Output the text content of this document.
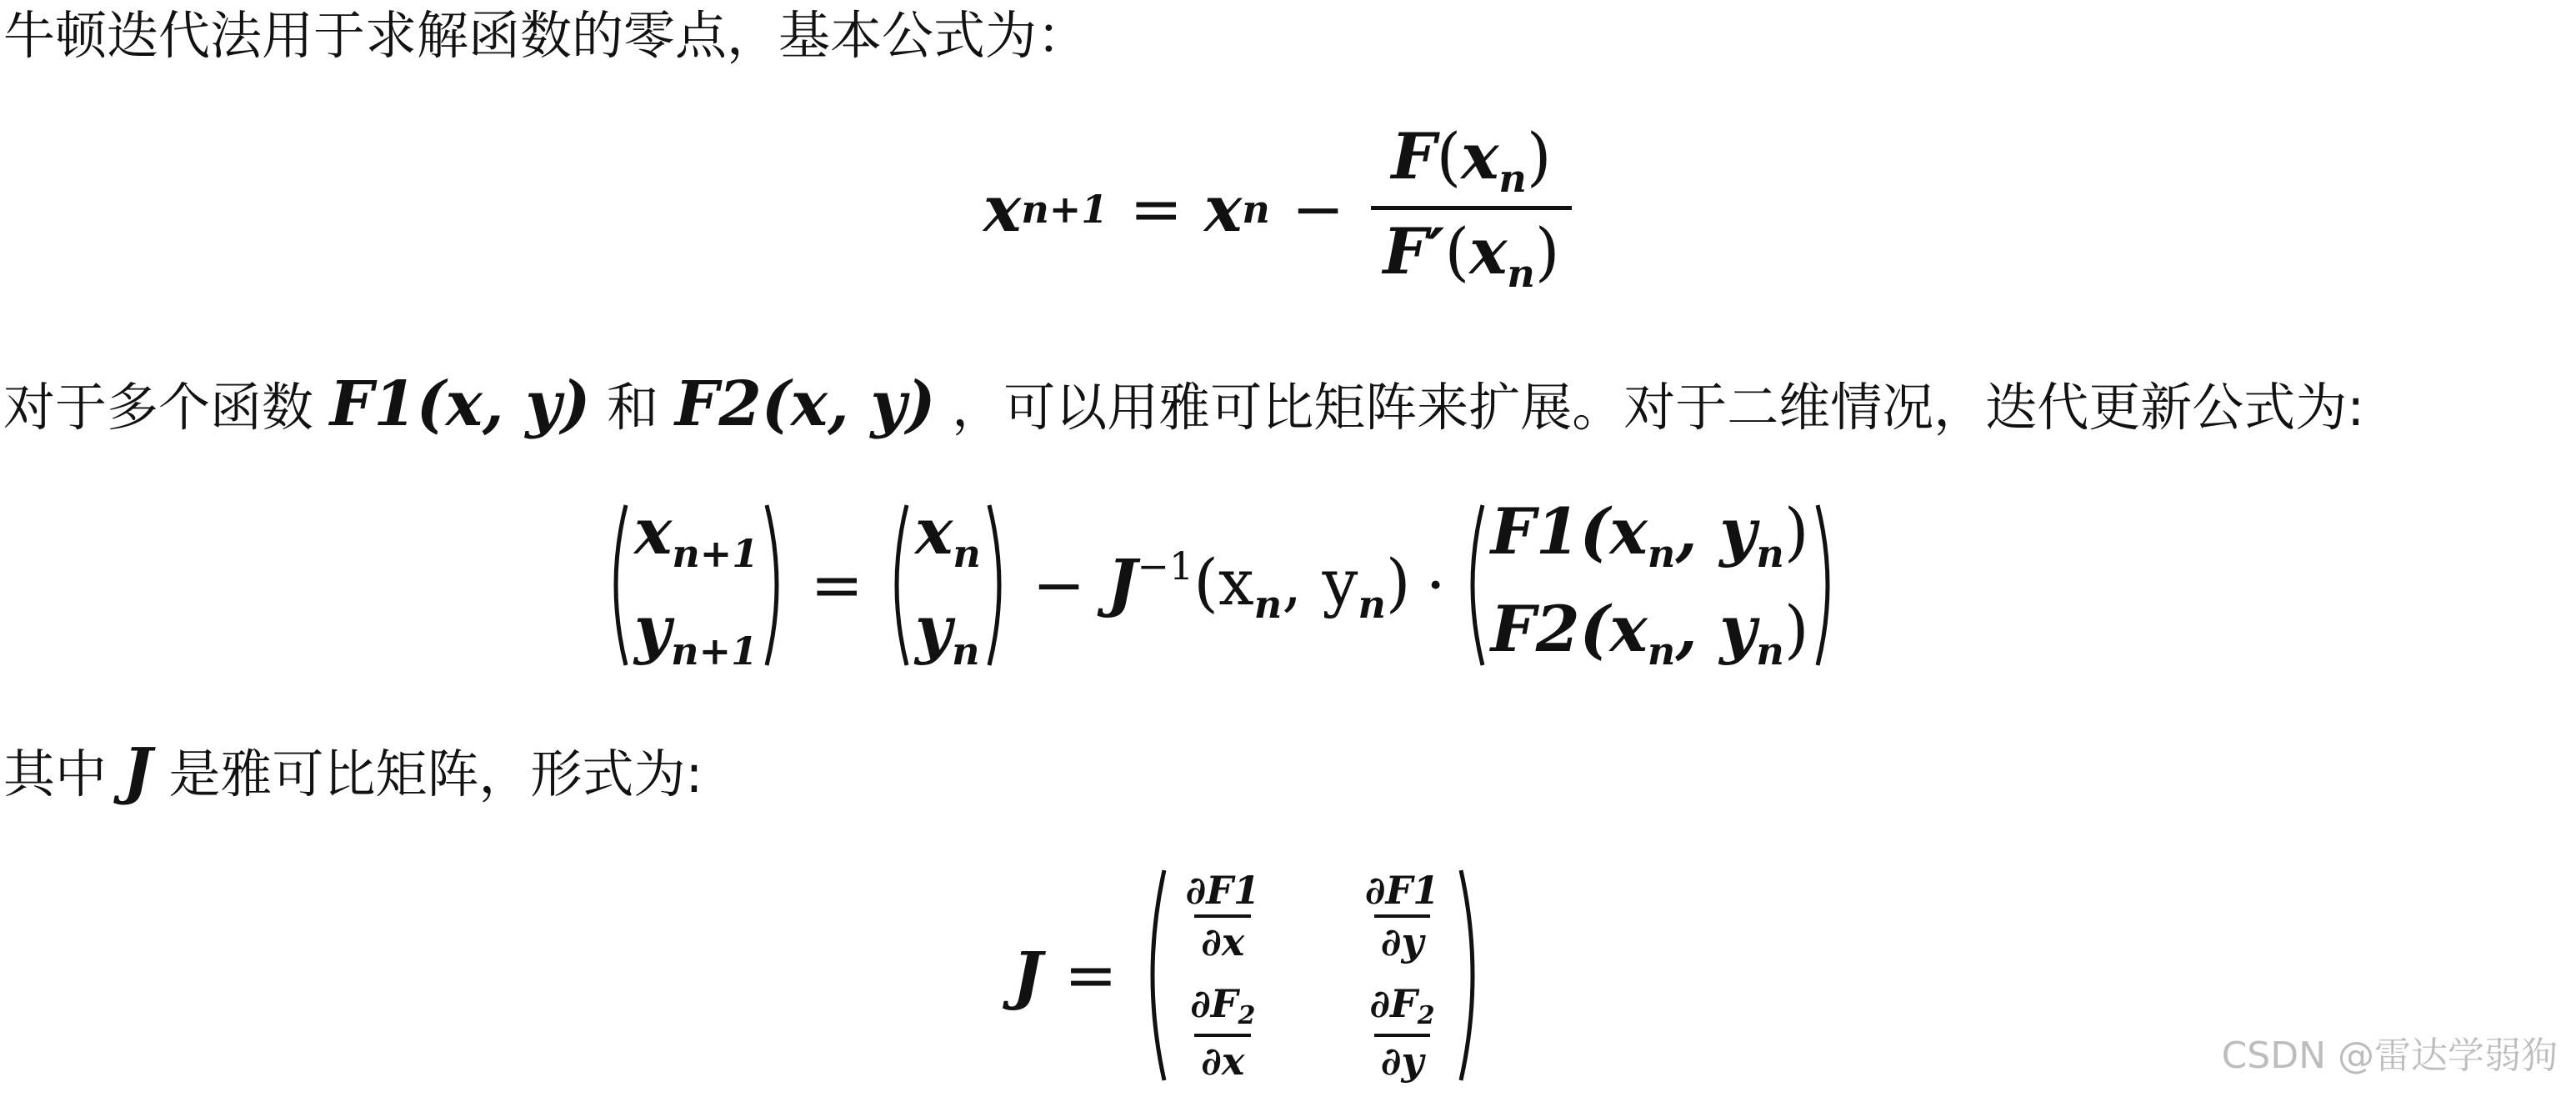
牛顿迭代法用于求解函数的零点，基本公式为：
x n+1 = x $n - \frac{F(x_n)}{F'(x_n)}$
对于多个函数 F1(x, y) 和 F2(x, y) ，可以用雅可比矩阵来扩展。对于二维情况，迭代更新公式为:
$x_{n+1}$
$y_{n+1}$
=
$x_n$
$y_n$
− $J^{-1}(x_n$, $y_n$) ·
$F1(x_n$, $y_n$)
$F2(x_n$, $y_n$)
其中 J 是雅可比矩阵，形式为:
J =
$\frac{\partial F1}{\partial x} \frac{\partial F1}{\partial y}$
$\frac{\partial F2}{\partial x} \frac{\partial F2}{\partial y}$	CSDN @雷达学弱狗
